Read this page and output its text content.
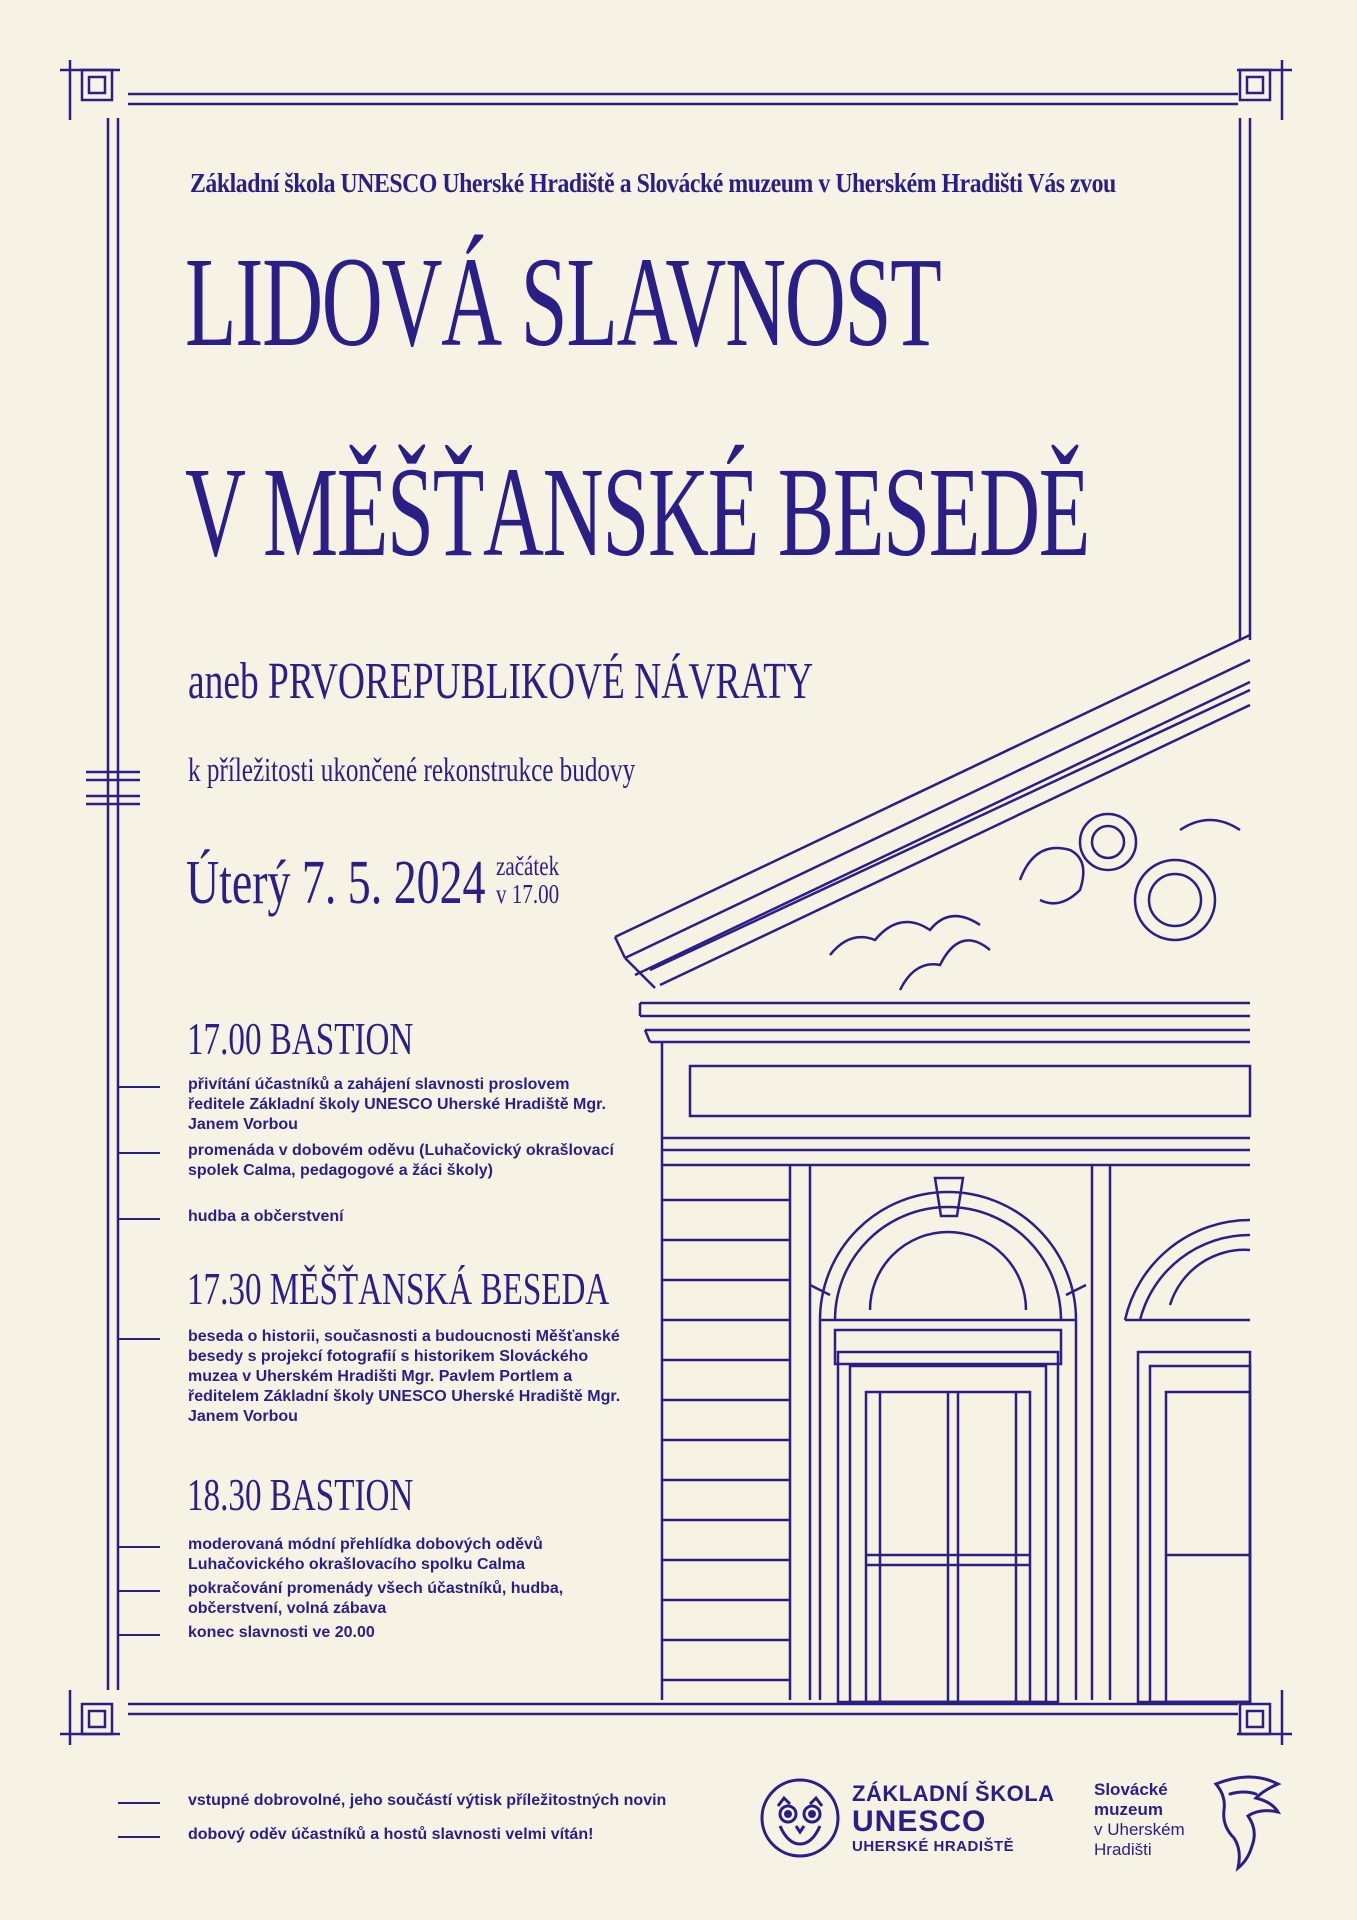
Základní škola UNESCO Uherské Hradiště a Slovácké muzeum v Uherském Hradišti Vás zvou
LIDOVÁ SLAVNOST
V MĚŠŤANSKÉ BESEDĚ
aneb PRVOREPUBLIKOVÉ NÁVRATY
k příležitosti ukončené rekonstrukce budovy
Úterý 7. 5. 2024 začátek
v 17.00
17.00 BASTION
přivítání účastníků a zahájení slavnosti proslovem ředitele Základní školy UNESCO Uherské Hradiště Mgr. Janem Vorbou
promenáda v dobovém oděvu (Luhačovický okrašlovací spolek Calma, pedagogové a žáci školy)
hudba a občerstvení
17.30 MĚŠŤANSKÁ BESEDA
beseda o historii, současnosti a budoucnosti Měšťanské besedy s projekcí fotografií s historikem Slováckého muzea v Uherském Hradišti Mgr. Pavlem Portlem a ředitelem Základní školy UNESCO Uherské Hradiště Mgr. Janem Vorbou
18.30 BASTION
moderovaná módní přehlídka dobových oděvů Luhačovického okrašlovacího spolku Calma
pokračování promenády všech účastníků, hudba, občerstvení, volná zábava
konec slavnosti ve 20.00
vstupné dobrovolné, jeho součástí výtisk příležitostných novin
dobový oděv účastníků a hostů slavnosti velmi vítán!
ZÁKLADNÍ ŠKOLA
UNESCO
UHERSKÉ HRADIŠTĚ
Slovácké
muzeum
v Uherském
Hradišti
